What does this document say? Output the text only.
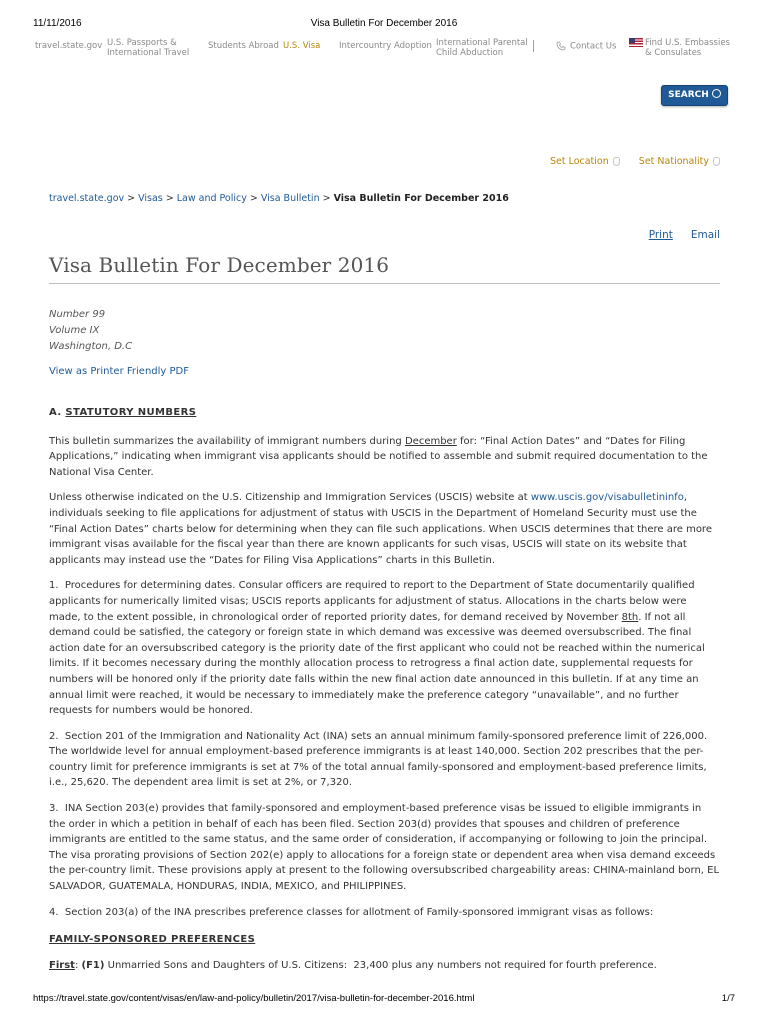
11/11/2016	Visa Bulletin For December 2016
travel.state.gov U.S. Passports &
International Travel
Students Abroad U.S. Visa Intercountry Adoption International Parental
Child Abduction
Contact Us	Find U.S. Embassies
& Consulates
SEARCH
Set Location	Set Nationality
travel.state.gov > Visas > Law and Policy > Visa Bulletin > Visa Bulletin For December 2016
Print Email
Visa Bulletin For December 2016
Number 99
Volume IX
Washington, D.C
View as Printer Friendly PDF
A. STATUTORY NUMBERS

This bulletin summarizes the availability of immigrant numbers during December for: “Final Action Dates” and “Dates for Filing Applications,” indicating when immigrant visa applicants should be notified to assemble and submit required documentation to the National Visa Center.

Unless otherwise indicated on the U.S. Citizenship and Immigration Services (USCIS) website at www.uscis.gov/visabulletininfo, individuals seeking to file applications for adjustment of status with USCIS in the Department of Homeland Security must use the “Final Action Dates” charts below for determining when they can file such applications. When USCIS determines that there are more immigrant visas available for the fiscal year than there are known applicants for such visas, USCIS will state on its website that applicants may instead use the “Dates for Filing Visa Applications” charts in this Bulletin.

1.  Procedures for determining dates. Consular officers are required to report to the Department of State documentarily qualified applicants for numerically limited visas; USCIS reports applicants for adjustment of status. Allocations in the charts below were made, to the extent possible, in chronological order of reported priority dates, for demand received by November 8th. If not all demand could be satisfied, the category or foreign state in which demand was excessive was deemed oversubscribed. The final action date for an oversubscribed category is the priority date of the first applicant who could not be reached within the numerical limits. If it becomes necessary during the monthly allocation process to retrogress a final action date, supplemental requests for numbers will be honored only if the priority date falls within the new final action date announced in this bulletin. If at any time an annual limit were reached, it would be necessary to immediately make the preference category “unavailable”, and no further requests for numbers would be honored.

2.  Section 201 of the Immigration and Nationality Act (INA) sets an annual minimum family-sponsored preference limit of 226,000. The worldwide level for annual employment-based preference immigrants is at least 140,000. Section 202 prescribes that the per-country limit for preference immigrants is set at 7% of the total annual family-sponsored and employment-based preference limits, i.e., 25,620. The dependent area limit is set at 2%, or 7,320.

3.  INA Section 203(e) provides that family-sponsored and employment-based preference visas be issued to eligible immigrants in the order in which a petition in behalf of each has been filed. Section 203(d) provides that spouses and children of preference immigrants are entitled to the same status, and the same order of consideration, if accompanying or following to join the principal. The visa prorating provisions of Section 202(e) apply to allocations for a foreign state or dependent area when visa demand exceeds the per-country limit. These provisions apply at present to the following oversubscribed chargeability areas: CHINA-mainland born, EL SALVADOR, GUATEMALA, HONDURAS, INDIA, MEXICO, and PHILIPPINES.

4.  Section 203(a) of the INA prescribes preference classes for allotment of Family-sponsored immigrant visas as follows:

FAMILY-SPONSORED PREFERENCES

First: (F1) Unmarried Sons and Daughters of U.S. Citizens:  23,400 plus any numbers not required for fourth preference.

https://travel.state.gov/content/visas/en/law-and-policy/bulletin/2017/visa-bulletin-for-december-2016.html	1/7
